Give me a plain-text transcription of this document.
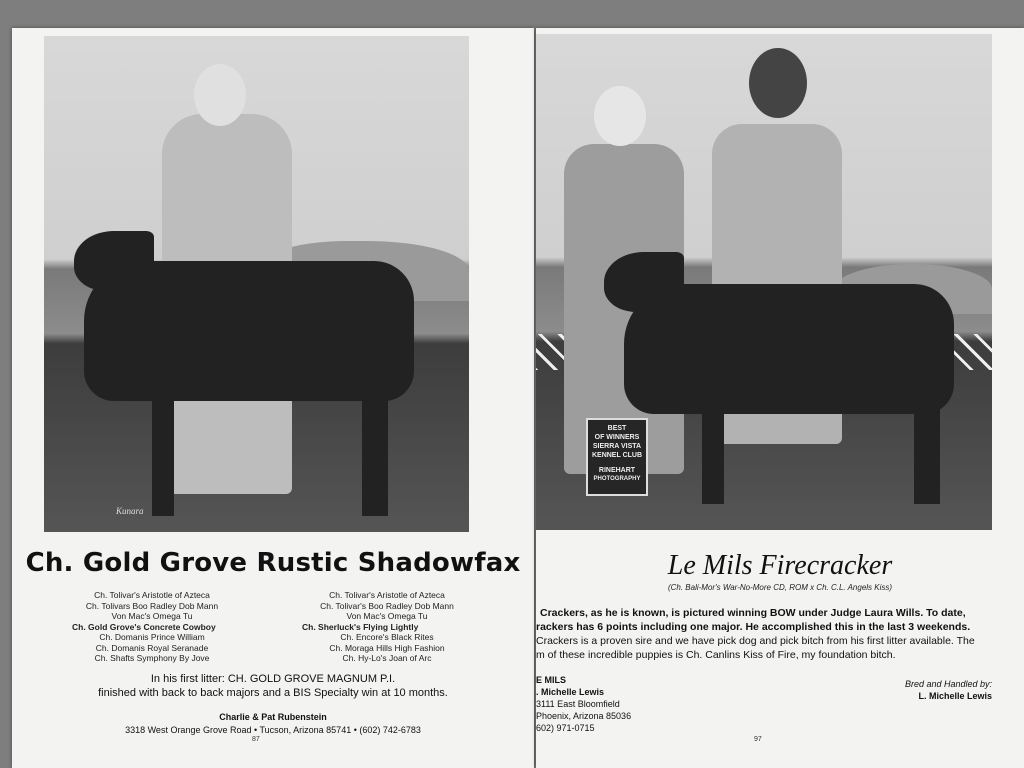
Kunara
Ch. Gold Grove Rustic Shadowfax
Ch. Tolivar's Aristotle of Azteca
Ch. Tolivars Boo Radley Dob Mann
Von Mac's Omega Tu
Ch. Gold Grove's Concrete Cowboy
Ch. Domanis Prince William
Ch. Domanis Royal Seranade
Ch. Shafts Symphony By Jove
Ch. Tolivar's Aristotle of Azteca
Ch. Tolivar's Boo Radley Dob Mann
Von Mac's Omega Tu
Ch. Sherluck's Flying Lightly
Ch. Encore's Black Rites
Ch. Moraga Hills High Fashion
Ch. Hy-Lo's Joan of Arc
In his first litter: CH. GOLD GROVE MAGNUM P.I.
finished with back to back majors and a BIS Specialty win at 10 months.
Charlie & Pat Rubenstein
3318 West Orange Grove Road • Tucson, Arizona 85741 • (602) 742-6783
87
BEST
OF WINNERS
SIERRA VISTA
KENNEL CLUB
RINEHART
PHOTOGRAPHY
Le Mils Firecracker
(Ch. Bali-Mor's War-No-More CD, ROM x Ch. C.L. Angels Kiss)
Crackers, as he is known, is pictured winning BOW under Judge Laura Wills. To date,
rackers has 6 points including one major. He accomplished this in the last 3 weekends.
Crackers is a proven sire and we have pick dog and pick bitch from his first litter available. The
m of these incredible puppies is Ch. Canlins Kiss of Fire, my foundation bitch.
E MILS
. Michelle Lewis
3111 East Bloomfield
Phoenix, Arizona 85036
602) 971-0715
Bred and Handled by:
L. Michelle Lewis
97
